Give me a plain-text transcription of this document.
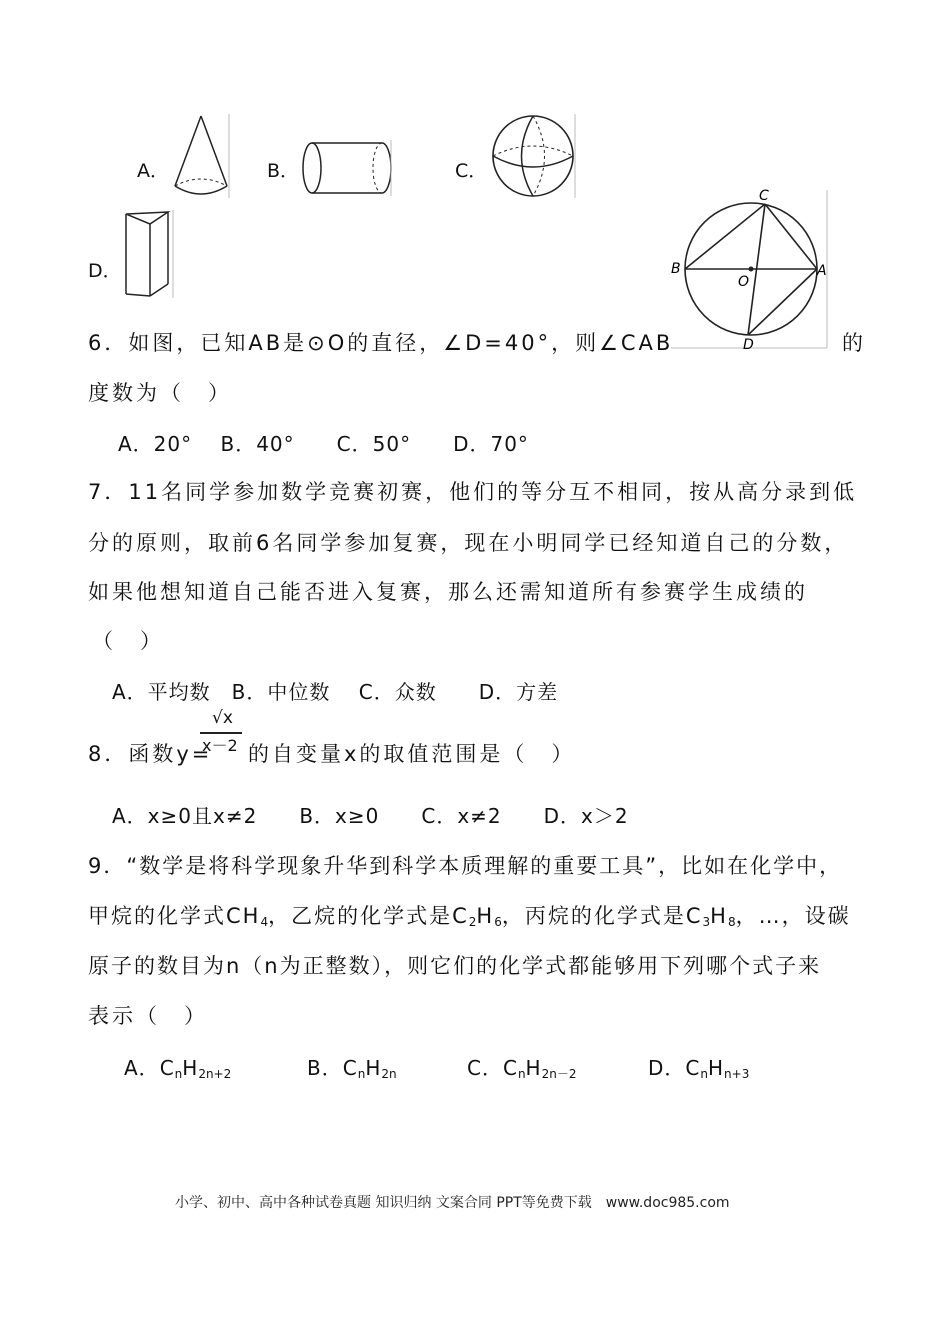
A．	B．	C．
D．
6．如图，已知AB是⊙O的直径，∠D=40°，则∠CAB	的
度数为（　）
A．20°　 B．40°　　C．50°　　D．70°
C
B
O
A
D
7．11名同学参加数学竞赛初赛，他们的等分互不相同，按从高分录到低
分的原则，取前6名同学参加复赛，现在小明同学已经知道自己的分数，
如果他想知道自己能否进入复赛，那么还需知道所有参赛学生成绩的
（　）
A．平均数　B．中位数　 C．众数　　D．方差
8．函数y=
√x
x－2 的自变量x的取值范围是（　）
A．x≥0且x≠2　　B．x≥0　　C．x≠2　　D．x＞2
9．“数学是将科学现象升华到科学本质理解的重要工具”，比如在化学中，
甲烷的化学式$CH_4$，乙烷的化学式是$C_2H_6$，丙烷的化学式是$C_3H_8$，…，设碳
原子的数目为n（n为正整数），则它们的化学式都能够用下列哪个式子来
表示（　）
A．$C_nH_{2n+2}$	B．$C_nH_{2n}$	C．$C_nH_{2n-2}$	D．$C_nH_{n+3}$
小学、初中、高中各种试卷真题 知识归纳 文案合同 PPT等免费下载　www.doc985.com
